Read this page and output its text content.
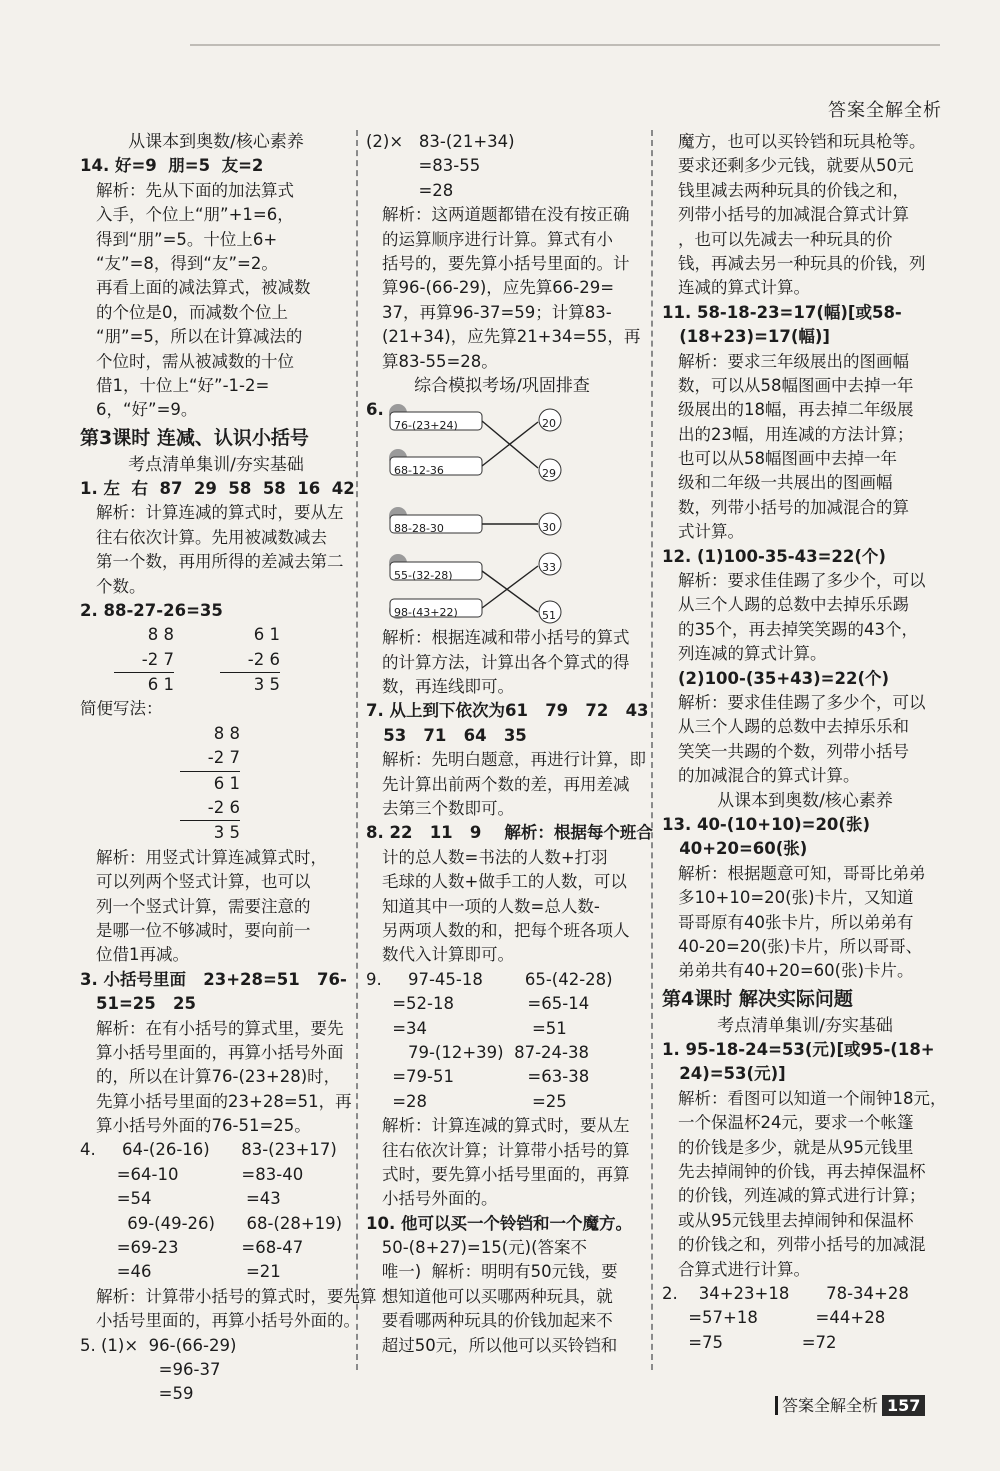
答案全解全析
从课本到奥数/核心素养
14. 好=9  朋=5  友=2
解析：先从下面的加法算式
入手，个位上“朋”+1=6，
得到“朋”=5。十位上6+
“友”=8，得到“友”=2。
再看上面的减法算式，被减数
的个位是0，而减数个位上
“朋”=5，所以在计算减法的
个位时，需从被减数的十位
借1，十位上“好”-1-2=
6，“好”=9。
第3课时 连减、认识小括号
考点清单集训/夯实基础
1. 左  右  87  29  58  58  16  42
解析：计算连减的算式时，要从左
往右依次计算。先用被减数减去
第一个数，再用所得的差减去第二
个数。
2. 88-27-26=35
8 8
-2 7
6 1
6 1
-2 6
3 5
简便写法：
8 8
-2 7
6 1
-2 6
3 5
解析：用竖式计算连减算式时，
可以列两个竖式计算，也可以
列一个竖式计算，需要注意的
是哪一位不够减时，要向前一
位借1再减。
3. 小括号里面   23+28=51   76-
51=25   25
解析：在有小括号的算式里，要先
算小括号里面的，再算小括号外面
的，所以在计算76-(23+28)时，
先算小括号里面的23+28=51，再
算小括号外面的76-51=25。
4.     64-(26-16)      83-(23+17)
=64-10            =83-40
=54                  =43
69-(49-26)      68-(28+19)
=69-23            =68-47
=46                  =21
解析：计算带小括号的算式时，要先算
小括号里面的，再算小括号外面的。
5. (1)×  96-(66-29)
=96-37
=59
(2)×   83-(21+34)
=83-55
=28
解析：这两道题都错在没有按正确
的运算顺序进行计算。算式有小
括号的，要先算小括号里面的。计
算96-(66-29)，应先算66-29=
37，再算96-37=59；计算83-
(21+34)，应先算21+34=55，再
算83-55=28。
综合模拟考场/巩固排查
6.
76-(23+24)
68-12-36
88-28-30
55-(32-28)
98-(43+22)
20
29
30
33
51
解析：根据连减和带小括号的算式
的计算方法，计算出各个算式的得
数，再连线即可。
7. 从上到下依次为61   79   72   43
53   71   64   35
解析：先明白题意，再进行计算，即
先计算出前两个数的差，再用差减
去第三个数即可。
8. 22   11   9    解析：根据每个班合
计的总人数=书法的人数+打羽
毛球的人数+做手工的人数，可以
知道其中一项的人数=总人数-
另两项人数的和，把每个班各项人
数代入计算即可。
9.     97-45-18        65-(42-28)
=52-18              =65-14
=34                    =51
79-(12+39)  87-24-38
=79-51              =63-38
=28                    =25
解析：计算连减的算式时，要从左
往右依次计算；计算带小括号的算
式时，要先算小括号里面的，再算
小括号外面的。
10. 他可以买一个铃铛和一个魔方。
50-(8+27)=15(元)(答案不
唯一)  解析：明明有50元钱，要
想知道他可以买哪两种玩具，就
要看哪两种玩具的价钱加起来不
超过50元，所以他可以买铃铛和
魔方，也可以买铃铛和玩具枪等。
要求还剩多少元钱，就要从50元
钱里减去两种玩具的价钱之和，
列带小括号的加减混合算式计算
，也可以先减去一种玩具的价
钱，再减去另一种玩具的价钱，列
连减的算式计算。
11. 58-18-23=17(幅)[或58-
(18+23)=17(幅)]
解析：要求三年级展出的图画幅
数，可以从58幅图画中去掉一年
级展出的18幅，再去掉二年级展
出的23幅，用连减的方法计算；
也可以从58幅图画中去掉一年
级和二年级一共展出的图画幅
数，列带小括号的加减混合的算
式计算。
12. (1)100-35-43=22(个)
解析：要求佳佳踢了多少个，可以
从三个人踢的总数中去掉乐乐踢
的35个，再去掉笑笑踢的43个，
列连减的算式计算。
(2)100-(35+43)=22(个)
解析：要求佳佳踢了多少个，可以
从三个人踢的总数中去掉乐乐和
笑笑一共踢的个数，列带小括号
的加减混合的算式计算。
从课本到奥数/核心素养
13. 40-(10+10)=20(张)
40+20=60(张)
解析：根据题意可知，哥哥比弟弟
多10+10=20(张)卡片，又知道
哥哥原有40张卡片，所以弟弟有
40-20=20(张)卡片，所以哥哥、
弟弟共有40+20=60(张)卡片。
第4课时 解决实际问题
考点清单集训/夯实基础
1. 95-18-24=53(元)[或95-(18+
24)=53(元)]
解析：看图可以知道一个闹钟18元，
一个保温杯24元，要求一个帐篷
的价钱是多少，就是从95元钱里
先去掉闹钟的价钱，再去掉保温杯
的价钱，列连减的算式进行计算；
或从95元钱里去掉闹钟和保温杯
的价钱之和，列带小括号的加减混
合算式进行计算。
2.    34+23+18       78-34+28
=57+18           =44+28
=75               =72
答案全解全析 157
